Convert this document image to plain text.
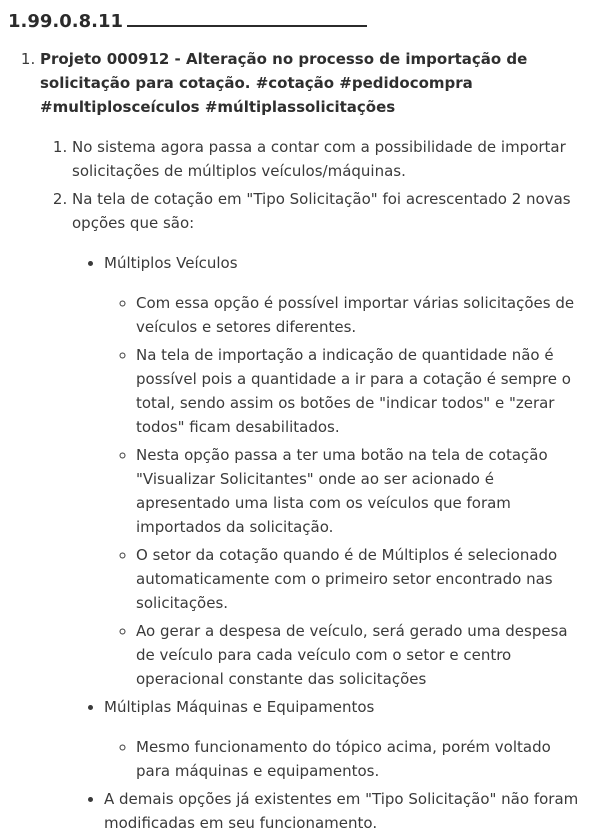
1.99.0.8.11
1. Projeto 000912 - Alteração no processo de importação de solicitação para cotação. #cotação #pedidocompra #multiplosceículos #múltiplassolicitações
1. No sistema agora passa a contar com a possibilidade de importar solicitações de múltiplos veículos/máquinas.
2. Na tela de cotação em "Tipo Solicitação" foi acrescentado 2 novas opções que são:
• Múltiplos Veículos
◦ Com essa opção é possível importar várias solicitações de veículos e setores diferentes.
◦ Na tela de importação a indicação de quantidade não é possível pois a quantidade a ir para a cotação é sempre o total, sendo assim os botões de "indicar todos" e "zerar todos" ficam desabilitados.
◦ Nesta opção passa a ter uma botão na tela de cotação "Visualizar Solicitantes" onde ao ser acionado é apresentado uma lista com os veículos que foram importados da solicitação.
◦ O setor da cotação quando é de Múltiplos é selecionado automaticamente com o primeiro setor encontrado nas solicitações.
◦ Ao gerar a despesa de veículo, será gerado uma despesa de veículo para cada veículo com o setor e centro operacional constante das solicitações
• Múltiplas Máquinas e Equipamentos
◦ Mesmo funcionamento do tópico acima, porém voltado para máquinas e equipamentos.
• A demais opções já existentes em "Tipo Solicitação" não foram modificadas em seu funcionamento.
